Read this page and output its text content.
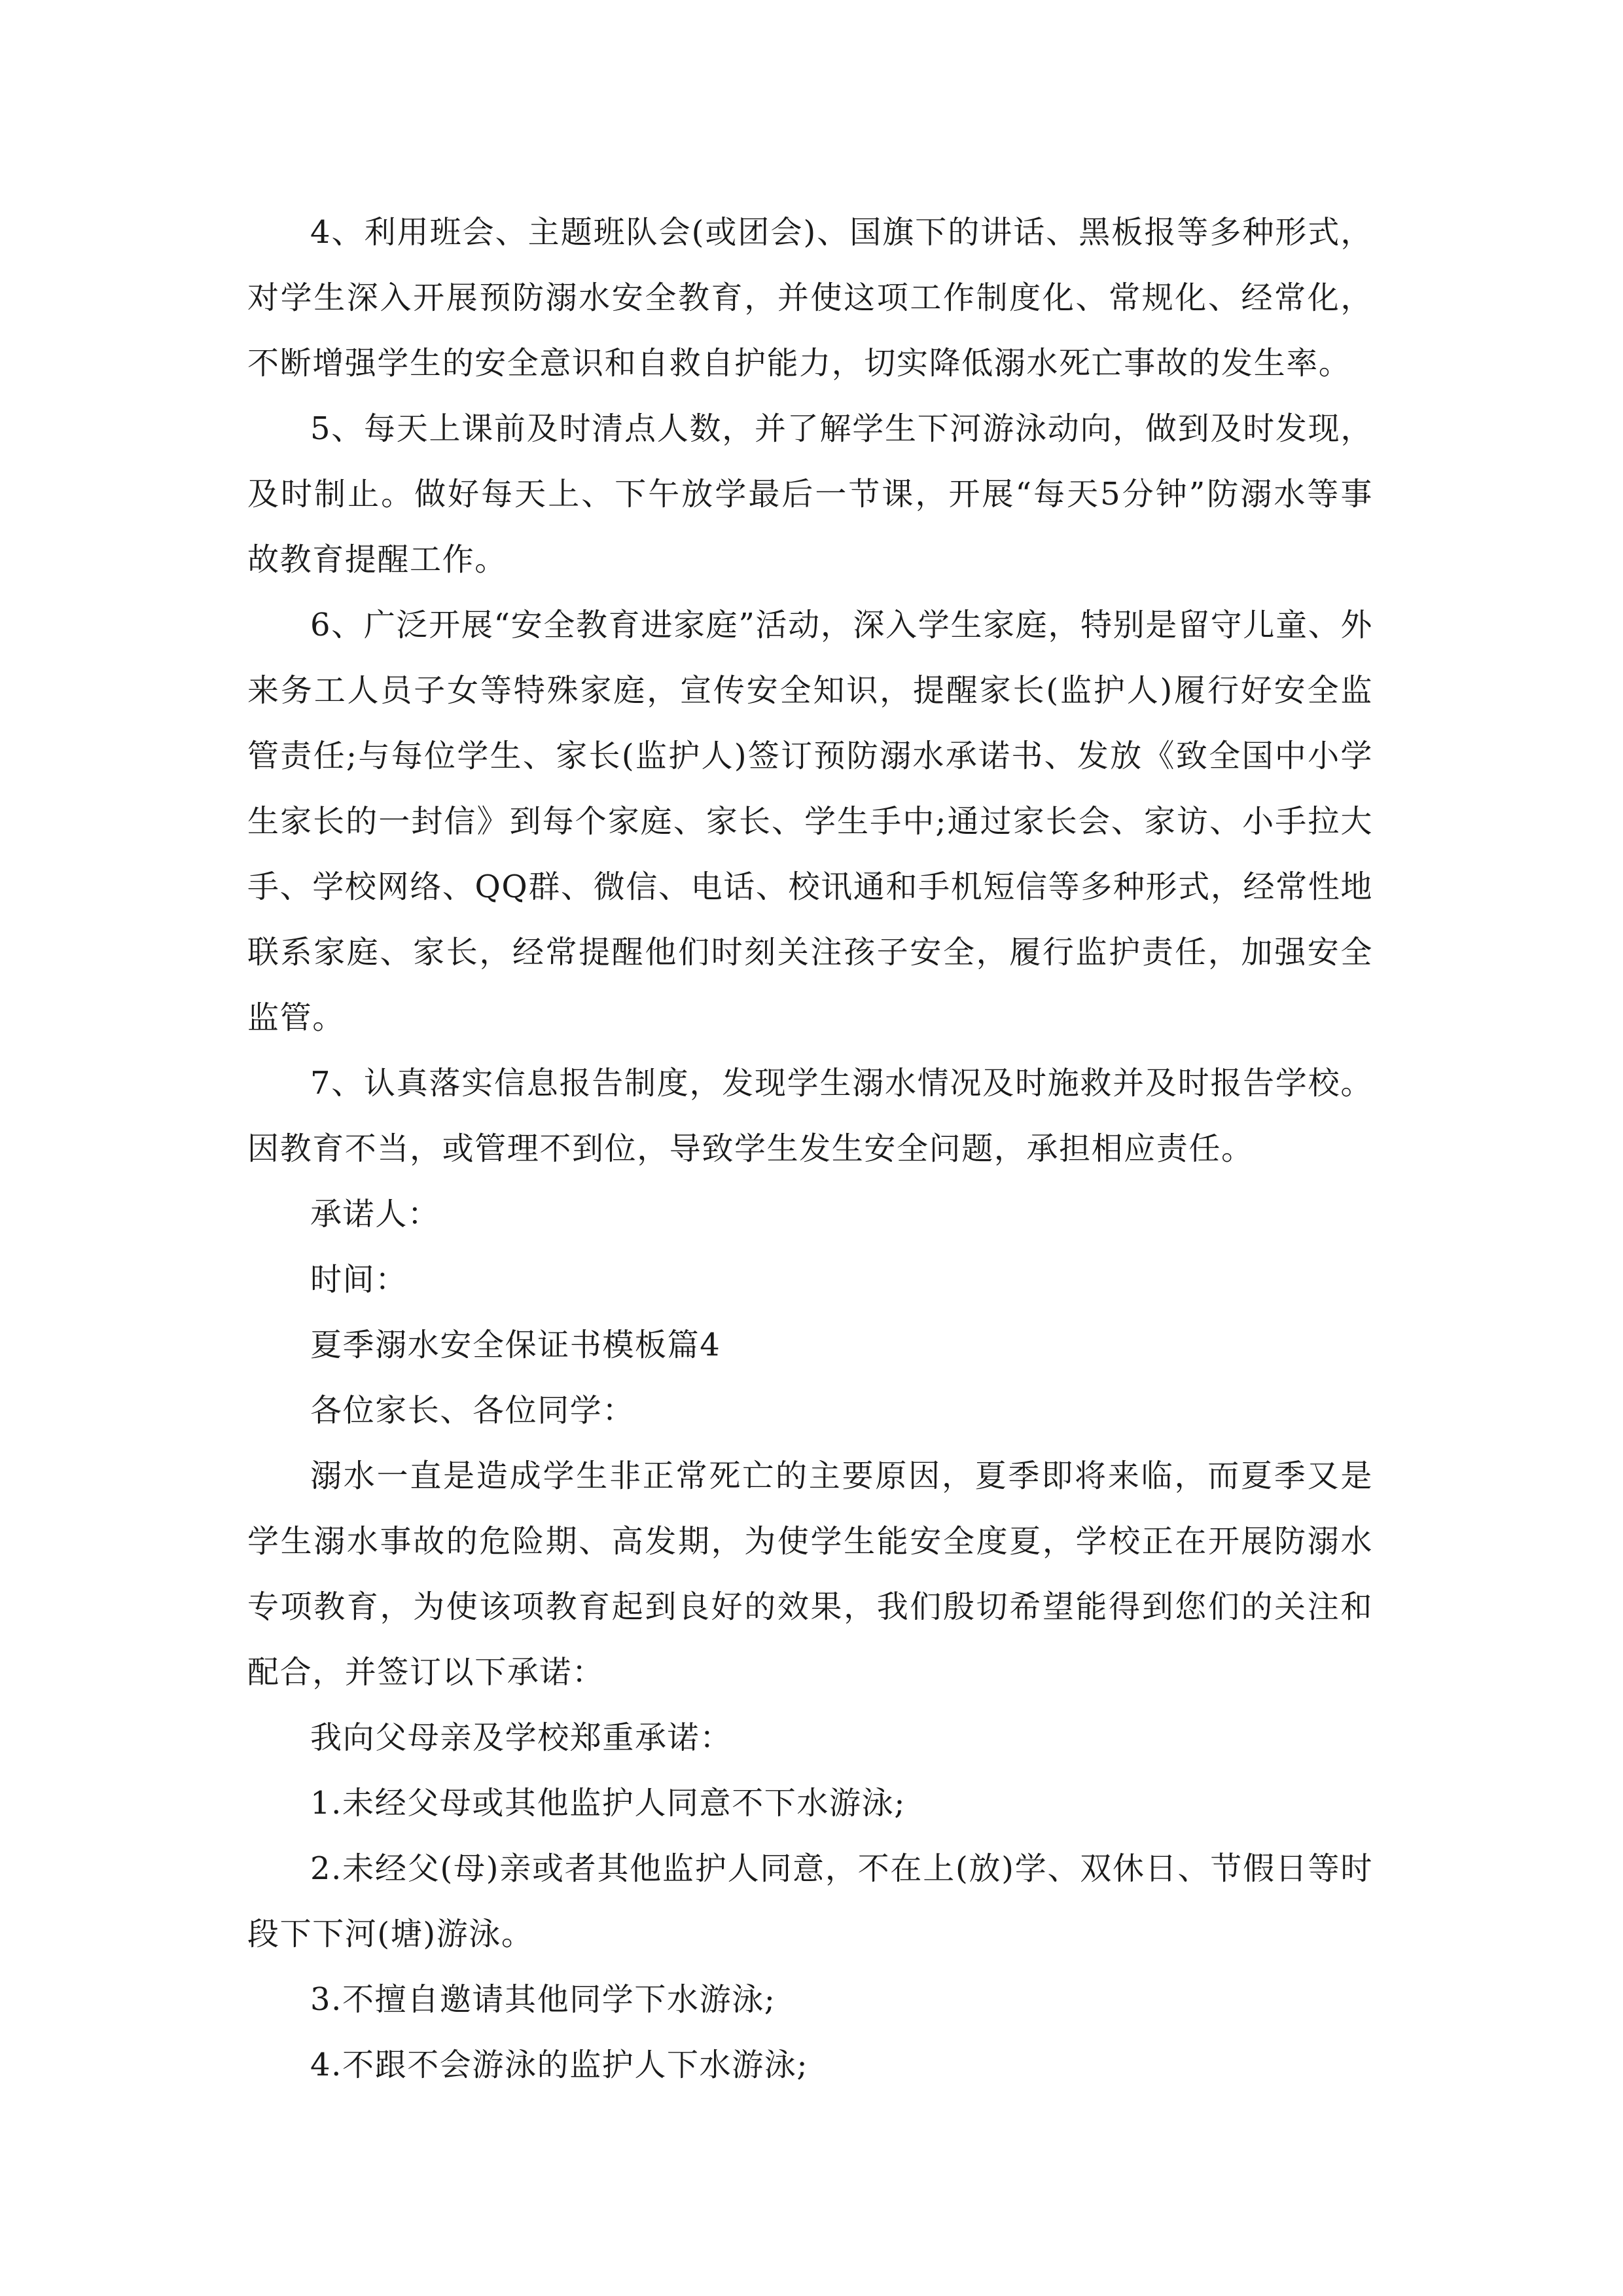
4、利用班会、主题班队会(或团会)、国旗下的讲话、黑板报等多种形式，对学生深入开展预防溺水安全教育，并使这项工作制度化、常规化、经常化，不断增强学生的安全意识和自救自护能力，切实降低溺水死亡事故的发生率。

5、每天上课前及时清点人数，并了解学生下河游泳动向，做到及时发现，及时制止。做好每天上、下午放学最后一节课，开展“每天5分钟”防溺水等事故教育提醒工作。

6、广泛开展“安全教育进家庭”活动，深入学生家庭，特别是留守儿童、外来务工人员子女等特殊家庭，宣传安全知识，提醒家长(监护人)履行好安全监管责任;与每位学生、家长(监护人)签订预防溺水承诺书、发放《致全国中小学生家长的一封信》到每个家庭、家长、学生手中;通过家长会、家访、小手拉大手、学校网络、QQ群、微信、电话、校讯通和手机短信等多种形式，经常性地联系家庭、家长，经常提醒他们时刻关注孩子安全，履行监护责任，加强安全监管。

7、认真落实信息报告制度，发现学生溺水情况及时施救并及时报告学校。因教育不当，或管理不到位，导致学生发生安全问题，承担相应责任。

承诺人：

时间：

夏季溺水安全保证书模板篇4

各位家长、各位同学：

溺水一直是造成学生非正常死亡的主要原因，夏季即将来临，而夏季又是学生溺水事故的危险期、高发期，为使学生能安全度夏，学校正在开展防溺水专项教育，为使该项教育起到良好的效果，我们殷切希望能得到您们的关注和配合，并签订以下承诺：

我向父母亲及学校郑重承诺：

1.未经父母或其他监护人同意不下水游泳;

2.未经父(母)亲或者其他监护人同意，不在上(放)学、双休日、节假日等时段下下河(塘)游泳。

3.不擅自邀请其他同学下水游泳;

4.不跟不会游泳的监护人下水游泳;
